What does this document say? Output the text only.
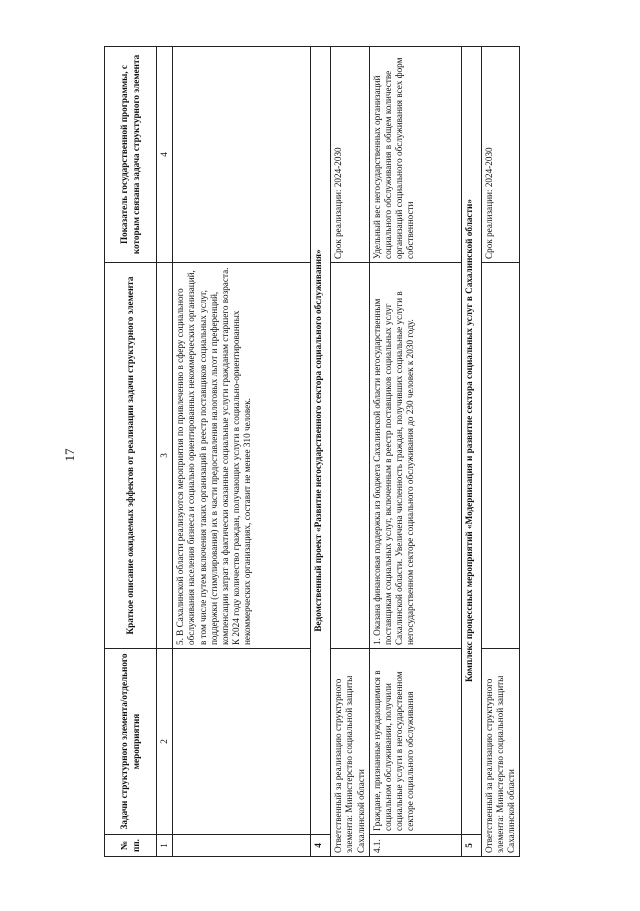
17
№ пп.	Задачи структурного элемента/отдельного мероприятия	Краткое описание ожидаемых эффектов от реализации задачи структурного элемента	Показатель государственной программы, с которым связана задача структурного элемента
1	2	3	4
		5. В Сахалинской области реализуются мероприятия по привлечению в сферу социального обслуживания населения бизнеса и социально ориентированных некоммерческих организаций, в том числе путем включения таких организаций в реестр поставщиков социальных услуг, поддержки (стимулирования) их в части предоставления налоговых льгот и преференций, компенсации затрат за фактически оказанные социальные услуги гражданам старшего возраста. К 2024 году количество граждан, получающих услуги в социально-ориентированных некоммерческих организациях, составит не менее 310 человек.	
4	Ведомственный проект «Развитие негосударственного сектора социального обслуживания»		
Ответственный за реализацию структурного элемента: Министерство социальной защиты Сахалинской области			Срок реализации: 2024-2030
4.1.	Граждане, признанные нуждающимися в социальном обслуживании, получили социальные услуги в негосударственном секторе социального обслуживания	1. Оказана финансовая поддержка из бюджета Сахалинской области негосударственным поставщикам социальных услуг, включенным в реестр поставщиков социальных услуг Сахалинской области. Увеличена численность граждан, получивших социальные услуги в негосударственном секторе социального обслуживания до 230 человек к 2030 году.	Удельный вес негосударственных организаций социального обслуживания в общем количестве организаций социального обслуживания всех форм собственности
5	Комплекс процессных мероприятий «Модернизация и развитие сектора социальных услуг в Сахалинской области»		
Ответственный за реализацию структурного элемента: Министерство социальной защиты Сахалинской области			Срок реализации: 2024-2030
